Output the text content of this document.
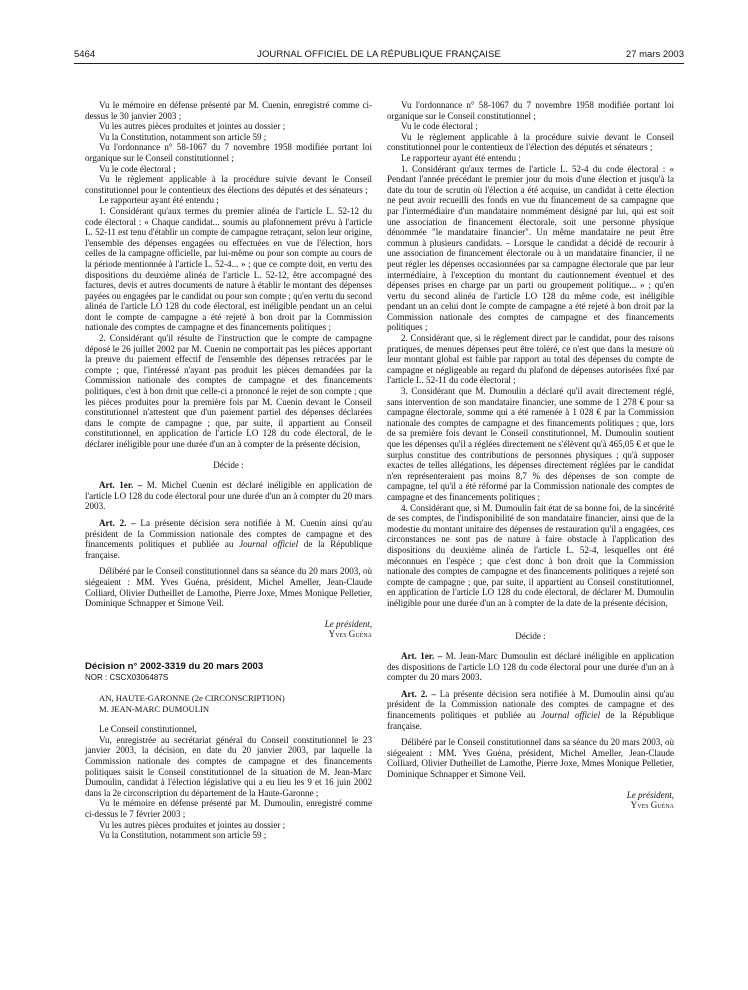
5464	JOURNAL OFFICIEL DE LA RÉPUBLIQUE FRANÇAISE	27 mars 2003

Vu le mémoire en défense présenté par M. Cuenin, enregistré comme ci-dessus le 30 janvier 2003 ;

Vu les autres pièces produites et jointes au dossier ;

Vu la Constitution, notamment son article 59 ;

Vu l'ordonnance n° 58-1067 du 7 novembre 1958 modifiée portant loi organique sur le Conseil constitutionnel ;

Vu le code électoral ;

Vu le règlement applicable à la procédure suivie devant le Conseil constitutionnel pour le contentieux des élections des députés et des sénateurs ;

Le rapporteur ayant été entendu ;

1. Considérant qu'aux termes du premier alinéa de l'article L. 52-12 du code électoral : « Chaque candidat... soumis au plafonnement prévu à l'article L. 52-11 est tenu d'établir un compte de campagne retraçant, selon leur origine, l'ensemble des dépenses engagées ou effectuées en vue de l'élection, hors celles de la campagne officielle, par lui-même ou pour son compte au cours de la période mentionnée à l'article L. 52-4... » ; que ce compte doit, en vertu des dispositions du deuxième alinéa de l'article L. 52-12, être accompagné des factures, devis et autres documents de nature à établir le montant des dépenses payées ou engagées par le candidat ou pour son compte ; qu'en vertu du second alinéa de l'article LO 128 du code électoral, est inéligible pendant un an celui dont le compte de campagne a été rejeté à bon droit par la Commission nationale des comptes de campagne et des financements politiques ;

2. Considérant qu'il résulte de l'instruction que le compte de campagne déposé le 26 juillet 2002 par M. Cuenin ne comportait pas les pièces apportant la preuve du paiement effectif de l'ensemble des dépenses retracées par le compte ; que, l'intéressé n'ayant pas produit les pièces demandées par la Commission nationale des comptes de campagne et des financements politiques, c'est à bon droit que celle-ci a prononcé le rejet de son compte ; que les pièces produites pour la première fois par M. Cuenin devant le Conseil constitutionnel n'attestent que d'un paiement partiel des dépenses déclarées dans le compte de campagne ; que, par suite, il appartient au Conseil constitutionnel, en application de l'article LO 128 du code électoral, de le déclarer inéligible pour une durée d'un an à compter de la présente décision,

Décide :

Art. 1er. – M. Michel Cuenin est déclaré inéligible en application de l'article LO 128 du code électoral pour une durée d'un an à compter du 20 mars 2003.

Art. 2. – La présente décision sera notifiée à M. Cuenin ainsi qu'au président de la Commission nationale des comptes de campagne et des financements politiques et publiée au Journal officiel de la République française.

Délibéré par le Conseil constitutionnel dans sa séance du 20 mars 2003, où siégeaient : MM. Yves Guéna, président, Michel Ameller, Jean-Claude Colliard, Olivier Dutheillet de Lamothe, Pierre Joxe, Mmes Monique Pelletier, Dominique Schnapper et Simone Veil.

Le président,

Yves Guéna

Décision n° 2002-3319 du 20 mars 2003

NOR : CSCX0306487S

AN, HAUTE-GARONNE (2e CIRCONSCRIPTION)

M. JEAN-MARC DUMOULIN

Le Conseil constitutionnel,

Vu, enregistrée au secrétariat général du Conseil constitutionnel le 23 janvier 2003, la décision, en date du 20 janvier 2003, par laquelle la Commission nationale des comptes de campagne et des financements politiques saisit le Conseil constitutionnel de la situation de M. Jean-Marc Dumoulin, candidat à l'élection législative qui a eu lieu les 9 et 16 juin 2002 dans la 2e circonscription du département de la Haute-Garonne ;

Vu le mémoire en défense présenté par M. Dumoulin, enregistré comme ci-dessus le 7 février 2003 ;

Vu les autres pièces produites et jointes au dossier ;

Vu la Constitution, notamment son article 59 ;

Vu l'ordonnance n° 58-1067 du 7 novembre 1958 modifiée portant loi organique sur le Conseil constitutionnel ;

Vu le code électoral ;

Vu le règlement applicable à la procédure suivie devant le Conseil constitutionnel pour le contentieux de l'élection des députés et sénateurs ;

Le rapporteur ayant été entendu ;

1. Considérant qu'aux termes de l'article L. 52-4 du code électoral : « Pendant l'année précédant le premier jour du mois d'une élection et jusqu'à la date du tour de scrutin où l'élection a été acquise, un candidat à cette élection ne peut avoir recueilli des fonds en vue du financement de sa campagne que par l'intermédiaire d'un mandataire nommément désigné par lui, qui est soit une association de financement électorale, soit une personne physique dénommée "le mandataire financier". Un même mandataire ne peut être commun à plusieurs candidats. – Lorsque le candidat a décidé de recourir à une association de financement électorale ou à un mandataire financier, il ne peut régler les dépenses occasionnées par sa campagne électorale que par leur intermédiaire, à l'exception du montant du cautionnement éventuel et des dépenses prises en charge par un parti ou groupement politique... » ; qu'en vertu du second alinéa de l'article LO 128 du même code, est inéligible pendant un an celui dont le compte de campagne a été rejeté à bon droit par la Commission nationale des comptes de campagne et des financements politiques ;

2. Considérant que, si le règlement direct par le candidat, pour des raisons pratiques, de menues dépenses peut être toléré, ce n'est que dans la mesure où leur montant global est faible par rapport au total des dépenses du compte de campagne et négligeable au regard du plafond de dépenses autorisées fixé par l'article L. 52-11 du code électoral ;

3. Considérant que M. Dumoulin a déclaré qu'il avait directement réglé, sans intervention de son mandataire financier, une somme de 1 278 € pour sa campagne électorale, somme qui a été ramenée à 1 028 € par la Commission nationale des comptes de campagne et des financements politiques ; que, lors de sa première fois devant le Conseil constitutionnel, M. Dumoulin soutient que les dépenses qu'il a réglées directement ne s'élèvent qu'à 465,05 € et que le surplus constitue des contributions de personnes physiques ; qu'à supposer exactes de telles allégations, les dépenses directement réglées par le candidat n'en représenteraient pas moins 8,7 % des dépenses de son compte de campagne, tel qu'il a été réformé par la Commission nationale des comptes de campagne et des financements politiques ;

4. Considérant que, si M. Dumoulin fait état de sa bonne foi, de la sincérité de ses comptes, de l'indisponibilité de son mandataire financier, ainsi que de la modestie du montant unitaire des dépenses de restauration qu'il a engagées, ces circonstances ne sont pas de nature à faire obstacle à l'application des dispositions du deuxième alinéa de l'article L. 52-4, lesquelles ont été méconnues en l'espèce ; que c'est donc à bon droit que la Commission nationale des comptes de campagne et des financements politiques a rejeté son compte de campagne ; que, par suite, il appartient au Conseil constitutionnel, en application de l'article LO 128 du code électoral, de déclarer M. Dumoulin inéligible pour une durée d'un an à compter de la date de la présente décision,

Décide :

Art. 1er. – M. Jean-Marc Dumoulin est déclaré inéligible en application des dispositions de l'article LO 128 du code électoral pour une durée d'un an à compter du 20 mars 2003.

Art. 2. – La présente décision sera notifiée à M. Dumoulin ainsi qu'au président de la Commission nationale des comptes de campagne et des financements politiques et publiée au Journal officiel de la République française.

Délibéré par le Conseil constitutionnel dans sa séance du 20 mars 2003, où siégeaient : MM. Yves Guéna, président, Michel Ameller, Jean-Claude Colliard, Olivier Dutheillet de Lamothe, Pierre Joxe, Mmes Monique Pelletier, Dominique Schnapper et Simone Veil.

Le président,

Yves Guéna
